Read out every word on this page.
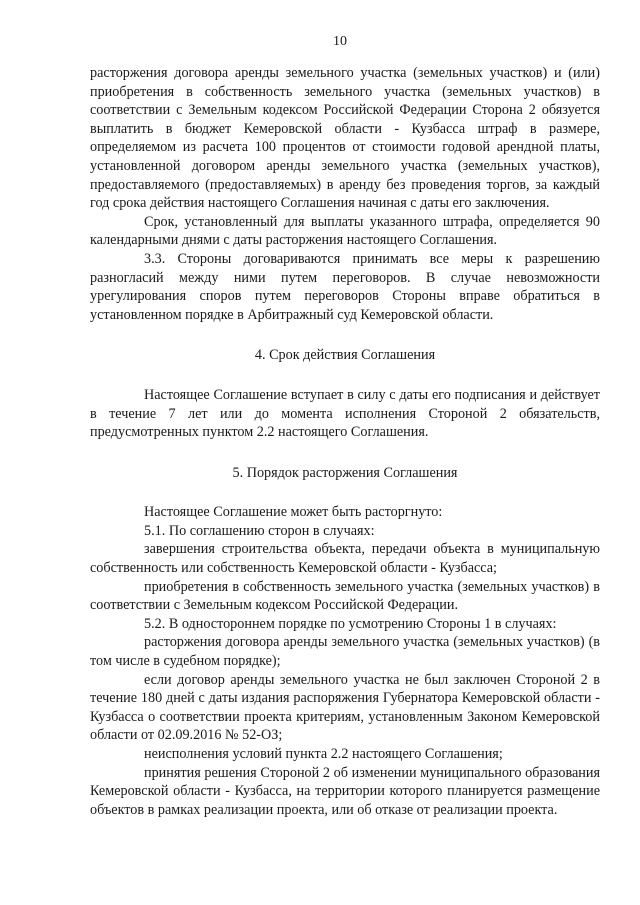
10

расторжения договора аренды земельного участка (земельных участков) и (или) приобретения в собственность земельного участка (земельных участков) в соответствии с Земельным кодексом Российской Федерации Сторона 2 обязуется выплатить в бюджет Кемеровской области - Кузбасса штраф в размере, определяемом из расчета 100 процентов от стоимости годовой арендной платы, установленной договором аренды земельного участка (земельных участков), предоставляемого (предоставляемых) в аренду без проведения торгов, за каждый год срока действия настоящего Соглашения начиная с даты его заключения.

Срок, установленный для выплаты указанного штрафа, определяется 90 календарными днями с даты расторжения настоящего Соглашения.

3.3. Стороны договариваются принимать все меры к разрешению разногласий между ними путем переговоров. В случае невозможности урегулирования споров путем переговоров Стороны вправе обратиться в установленном порядке в Арбитражный суд Кемеровской области.

4. Срок действия Соглашения

Настоящее Соглашение вступает в силу с даты его подписания и действует в течение 7 лет или до момента исполнения Стороной 2 обязательств, предусмотренных пунктом 2.2 настоящего Соглашения.

5. Порядок расторжения Соглашения

Настоящее Соглашение может быть расторгнуто:

5.1. По соглашению сторон в случаях:

завершения строительства объекта, передачи объекта в муниципальную собственность или собственность Кемеровской области - Кузбасса;

приобретения в собственность земельного участка (земельных участков) в соответствии с Земельным кодексом Российской Федерации.

5.2. В одностороннем порядке по усмотрению Стороны 1 в случаях:

расторжения договора аренды земельного участка (земельных участков) (в том числе в судебном порядке);

если договор аренды земельного участка не был заключен Стороной 2 в течение 180 дней с даты издания распоряжения Губернатора Кемеровской области - Кузбасса о соответствии проекта критериям, установленным Законом Кемеровской области от 02.09.2016 № 52-ОЗ;

неисполнения условий пункта 2.2 настоящего Соглашения;

принятия решения Стороной 2 об изменении муниципального образования Кемеровской области - Кузбасса, на территории которого планируется размещение объектов в рамках реализации проекта, или об отказе от реализации проекта.
